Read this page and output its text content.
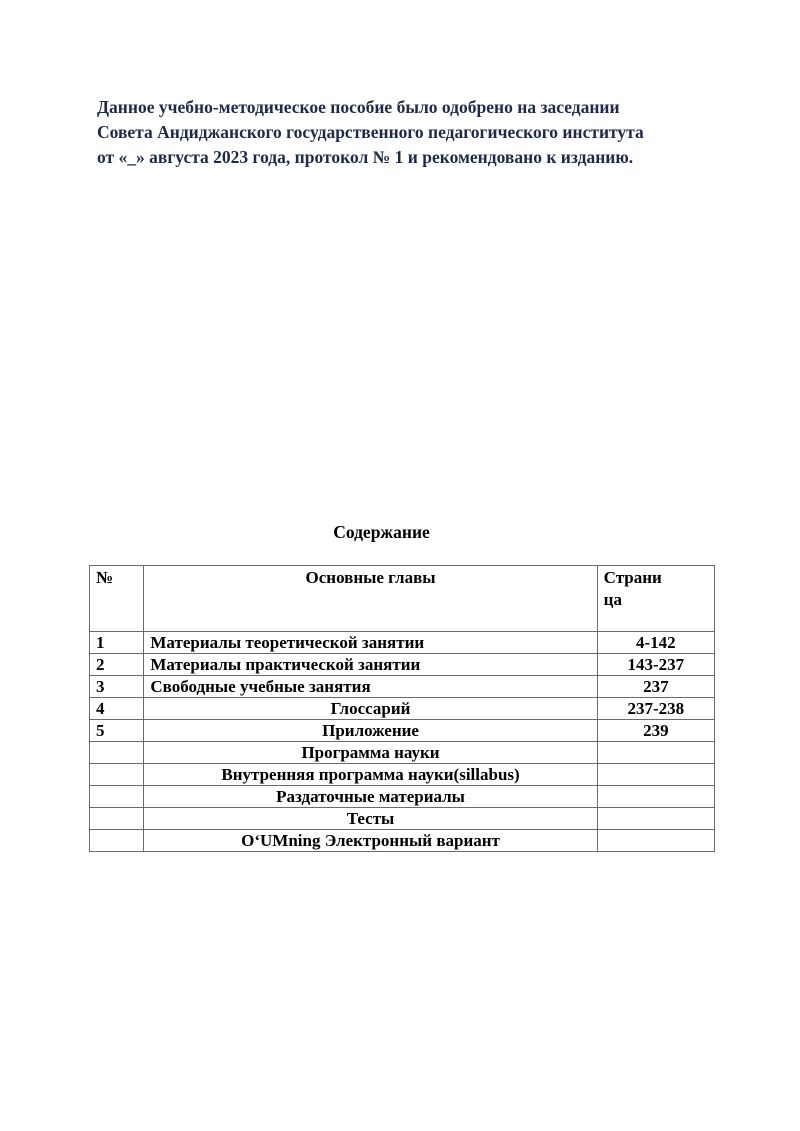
Данное учебно-методическое пособие было одобрено на заседании
Совета Андиджанского государственного педагогического института
от «_» августа 2023 года, протокол № 1 и рекомендовано к изданию.
Содержание
№	Основные главы	Страни
ца
1	Материалы теоретической занятии	4-142
2	Материалы практической занятии	143-237
3	Свободные учебные занятия	237
4	Глоссарий	237-238
5	Приложение	239
	Программа науки	
	Внутренняя программа науки(sillabus)	
	Раздаточные материалы	
	Тесты	
	O‘UMning Электронный вариант	
